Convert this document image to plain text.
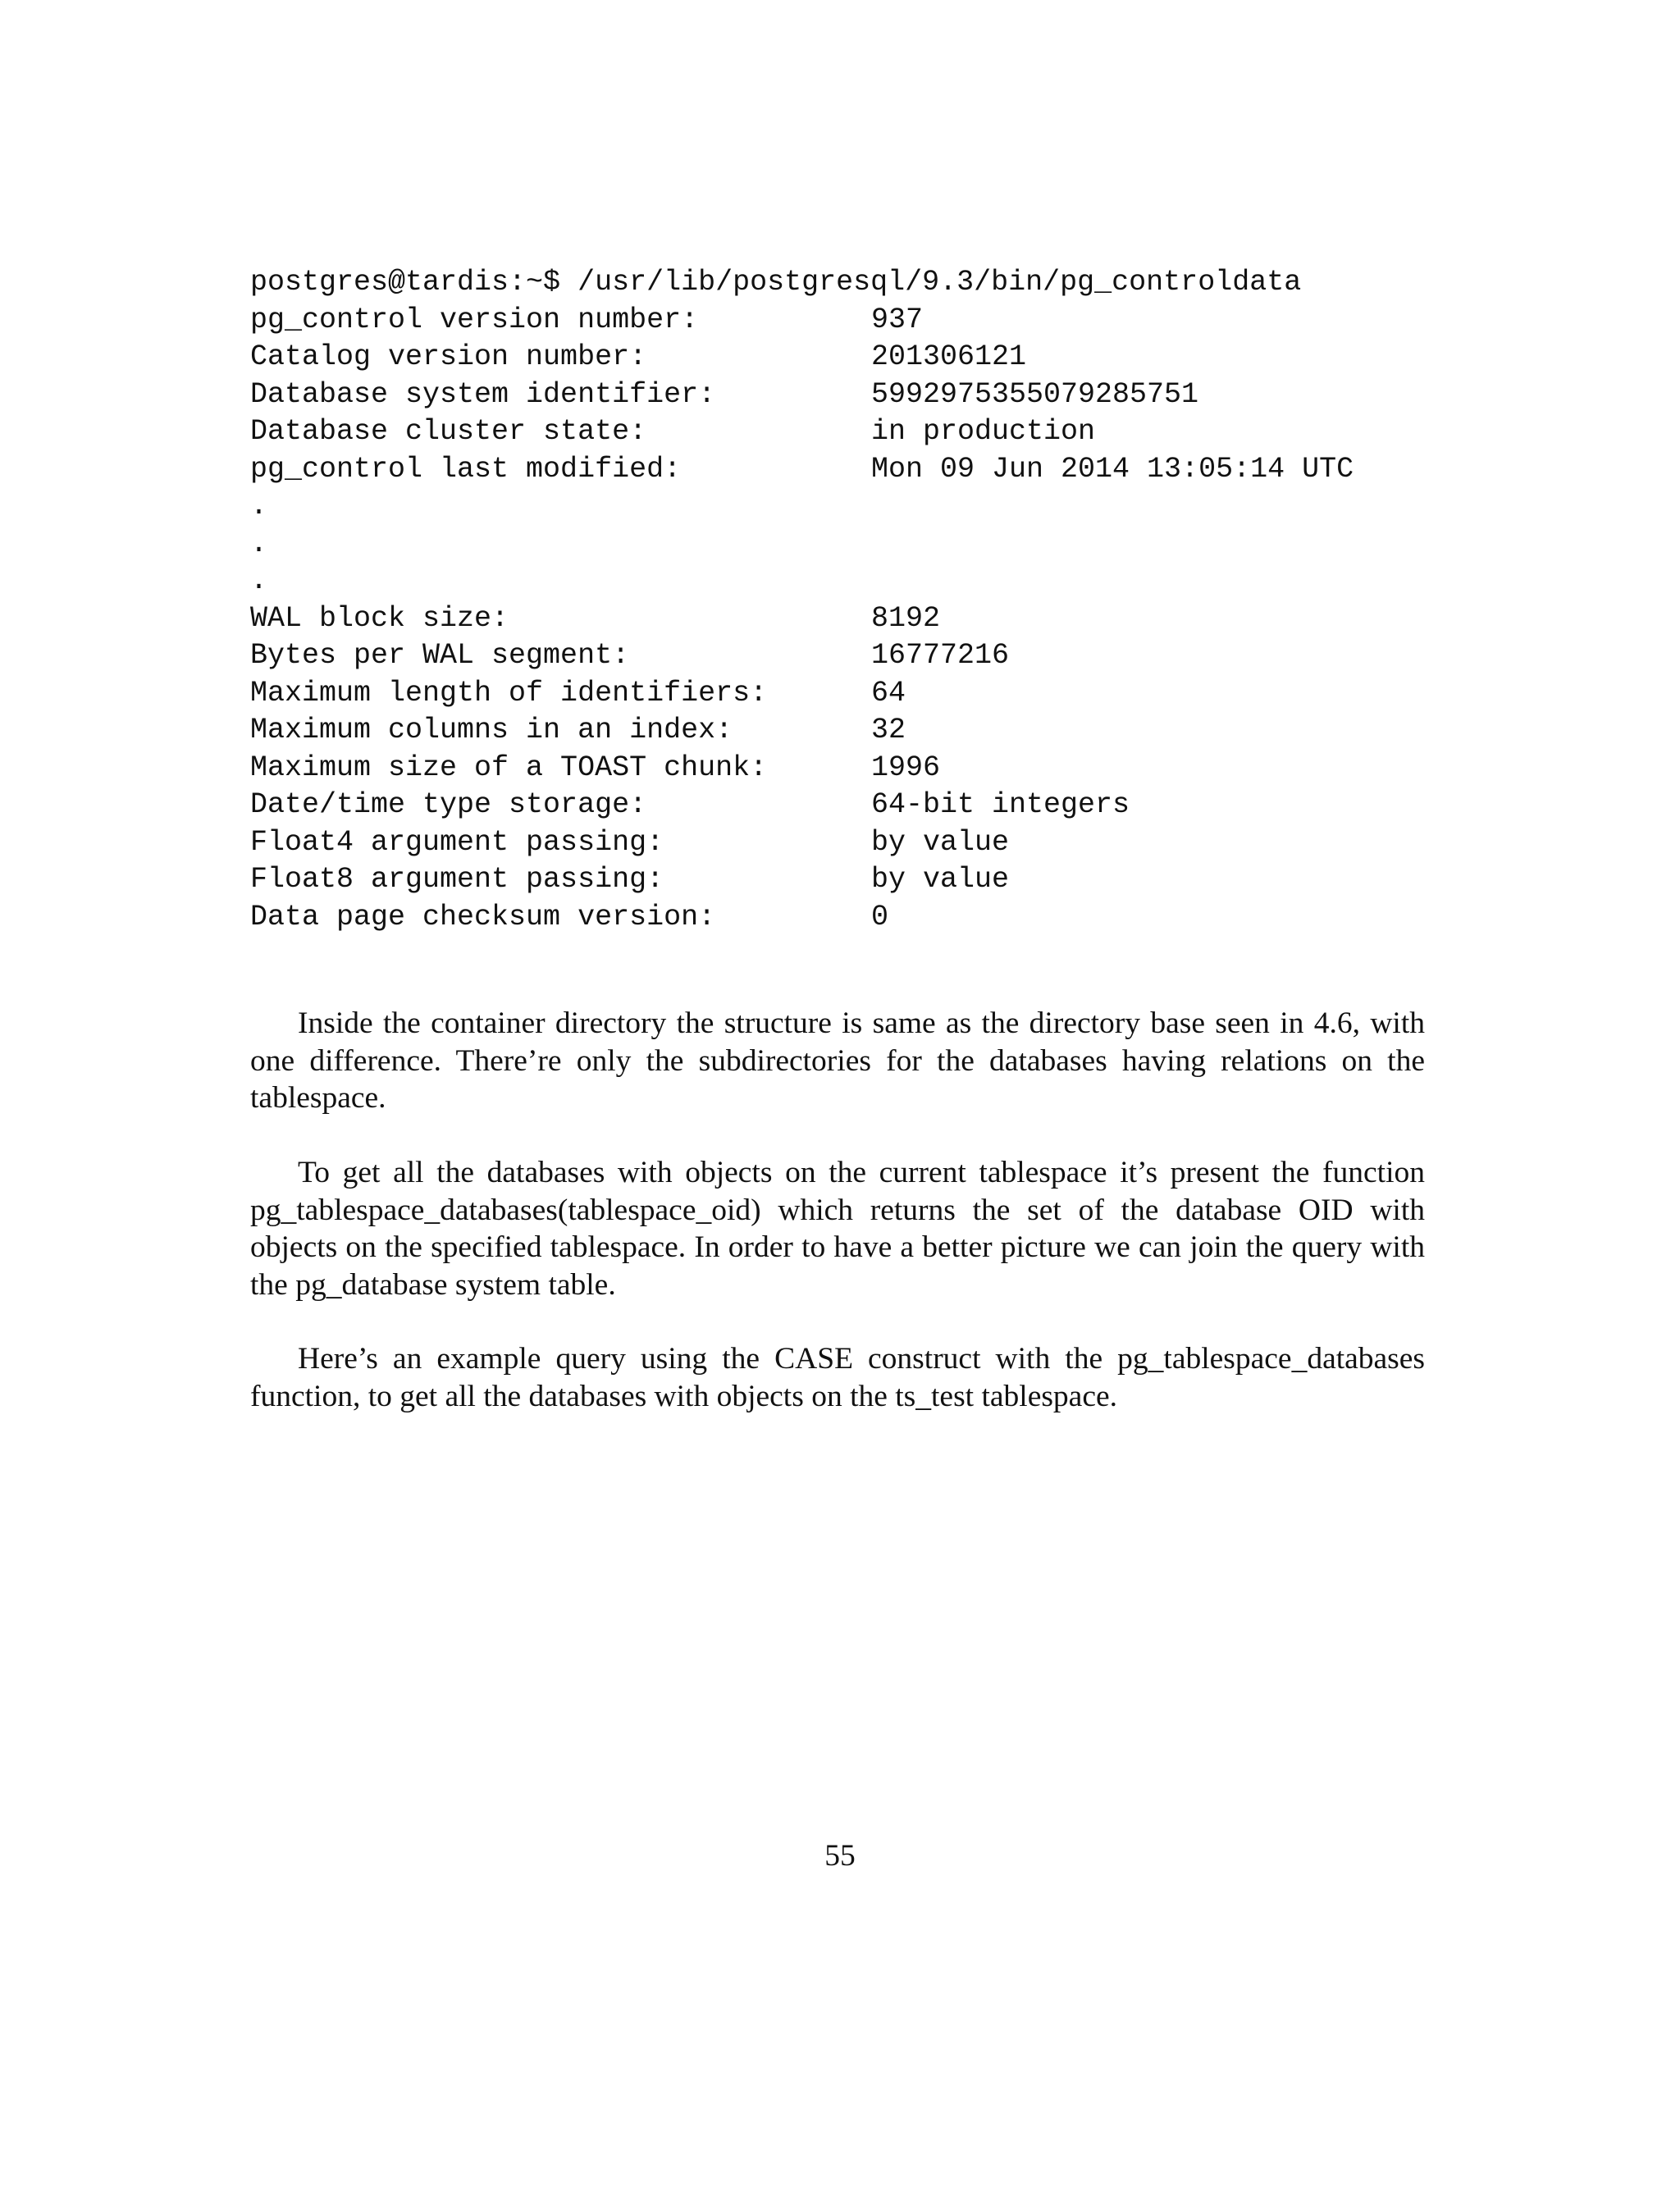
postgres@tardis:~$ /usr/lib/postgresql/9.3/bin/pg_controldata

pg_control version number:

	937

Catalog version number:

	201306121

Database system identifier:

	5992975355079285751

Database cluster state:

	in production

pg_control last modified:

	Mon 09 Jun 2014 13:05:14 UTC

.

.

.

WAL block size:

	8192

Bytes per WAL segment:

	16777216

Maximum length of identifiers:

	64

Maximum columns in an index:

	32

Maximum size of a TOAST chunk:

	1996

Date/time type storage:

	64-bit integers

Float4 argument passing:

	by value

Float8 argument passing:

	by value

Data page checksum version:

	0

Inside the container directory the structure is same as the directory base seen in 4.6, with one difference. There’re only the subdirectories for the databases having relations on the tablespace.

To get all the databases with objects on the current tablespace it’s present the function pg_tablespace_databases(tablespace_oid) which returns the set of the database OID with objects on the specified tablespace. In order to have a better picture we can join the query with the pg_database system table.

Here’s an example query using the CASE construct with the pg_tablespace_databases function, to get all the databases with objects on the ts_test tablespace.

55
